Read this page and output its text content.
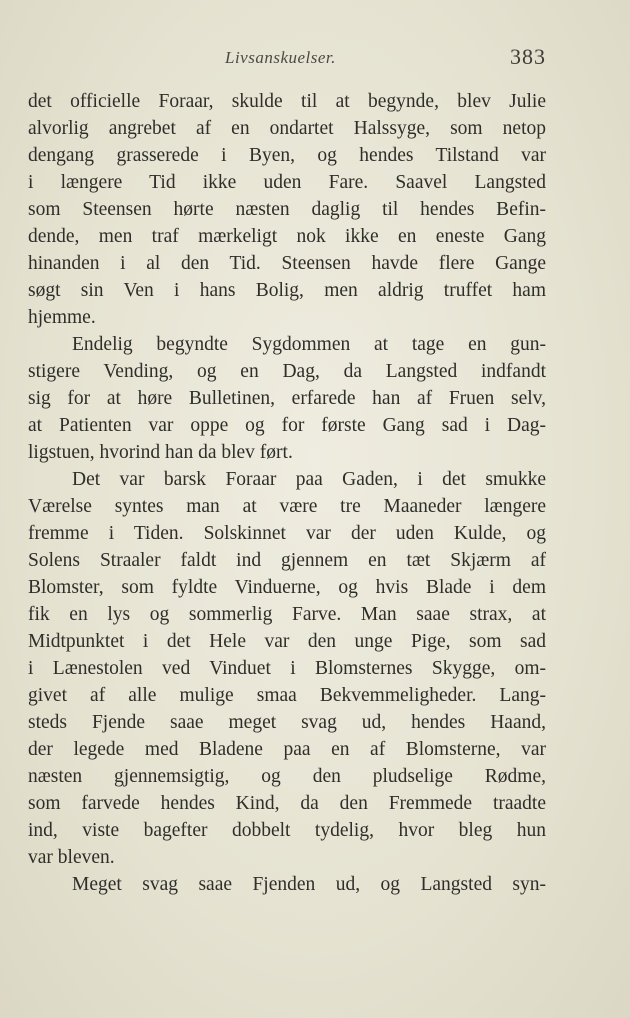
Livsanskuelser.	383
det officielle Foraar, skulde til at begynde, blev Julie
alvorlig angrebet af en ondartet Halssyge, som netop
dengang grasserede i Byen, og hendes Tilstand var
i længere Tid ikke uden Fare. Saavel Langsted
som Steensen hørte næsten daglig til hendes Befin-
dende, men traf mærkeligt nok ikke en eneste Gang
hinanden i al den Tid. Steensen havde flere Gange
søgt sin Ven i hans Bolig, men aldrig truffet ham
hjemme.
Endelig begyndte Sygdommen at tage en gun-
stigere Vending, og en Dag, da Langsted indfandt
sig for at høre Bulletinen, erfarede han af Fruen selv,
at Patienten var oppe og for første Gang sad i Dag-
ligstuen, hvorind han da blev ført.
Det var barsk Foraar paa Gaden, i det smukke
Værelse syntes man at være tre Maaneder længere
fremme i Tiden. Solskinnet var der uden Kulde, og
Solens Straaler faldt ind gjennem en tæt Skjærm af
Blomster, som fyldte Vinduerne, og hvis Blade i dem
fik en lys og sommerlig Farve. Man saae strax, at
Midtpunktet i det Hele var den unge Pige, som sad
i Lænestolen ved Vinduet i Blomsternes Skygge, om-
givet af alle mulige smaa Bekvemmeligheder. Lang-
steds Fjende saae meget svag ud, hendes Haand,
der legede med Bladene paa en af Blomsterne, var
næsten gjennemsigtig, og den pludselige Rødme,
som farvede hendes Kind, da den Fremmede traadte
ind, viste bagefter dobbelt tydelig, hvor bleg hun
var bleven.
Meget svag saae Fjenden ud, og Langsted syn-
